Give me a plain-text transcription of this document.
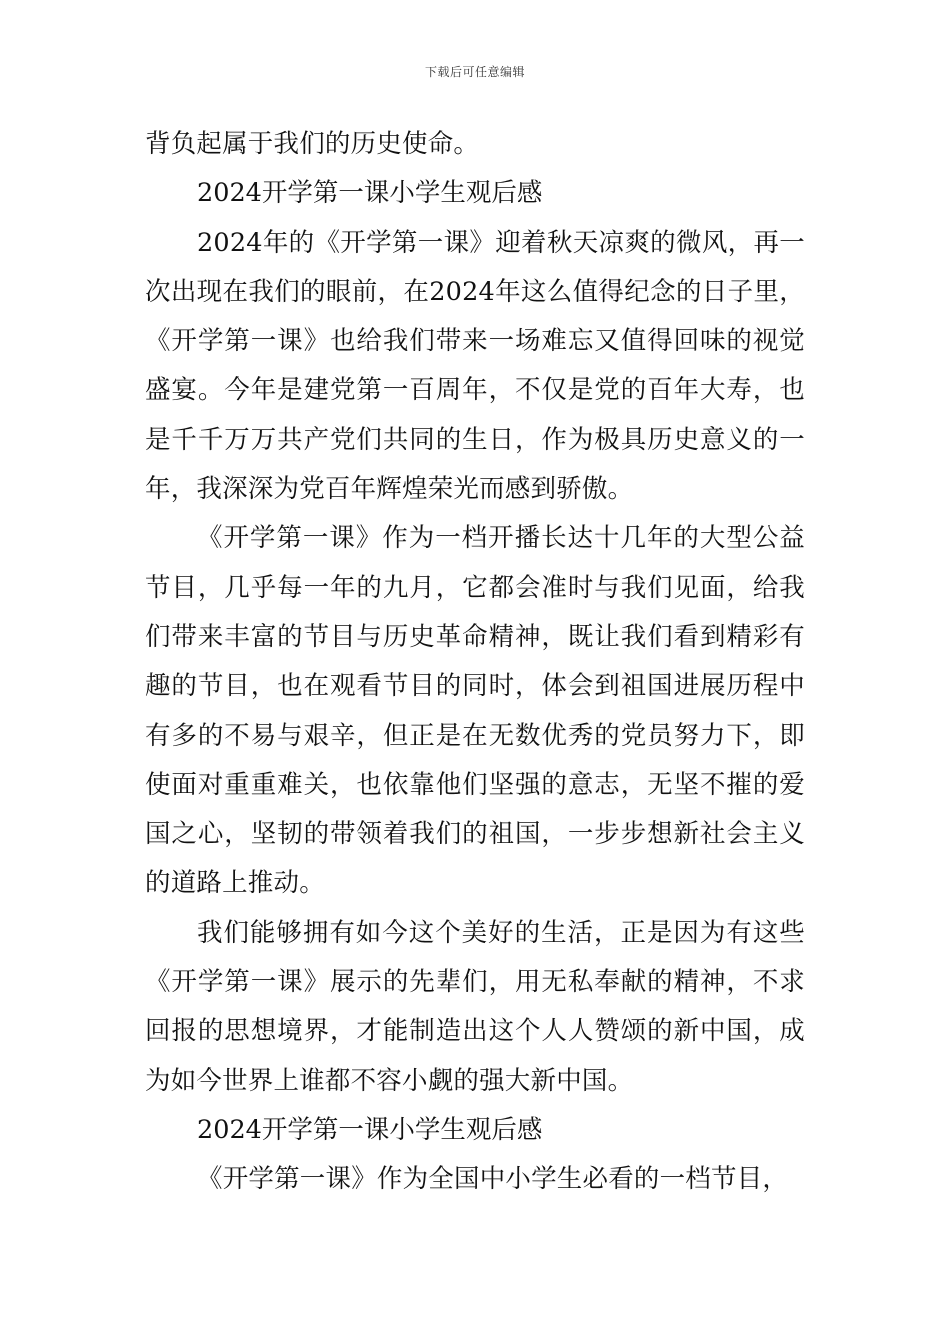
下载后可任意编辑

背负起属于我们的历史使命。

2024开学第一课小学生观后感

2024年的《开学第一课》迎着秋天凉爽的微风，再一次出现在我们的眼前，在2024年这么值得纪念的日子里，《开学第一课》也给我们带来一场难忘又值得回味的视觉盛宴。今年是建党第一百周年，不仅是党的百年大寿，也是千千万万共产党们共同的生日，作为极具历史意义的一年，我深深为党百年辉煌荣光而感到骄傲。

《开学第一课》作为一档开播长达十几年的大型公益节目，几乎每一年的九月，它都会准时与我们见面，给我们带来丰富的节目与历史革命精神，既让我们看到精彩有趣的节目，也在观看节目的同时，体会到祖国进展历程中有多的不易与艰辛，但正是在无数优秀的党员努力下，即使面对重重难关，也依靠他们坚强的意志，无坚不摧的爱国之心，坚韧的带领着我们的祖国，一步步想新社会主义的道路上推动。

我们能够拥有如今这个美好的生活，正是因为有这些《开学第一课》展示的先辈们，用无私奉献的精神，不求回报的思想境界，才能制造出这个人人赞颂的新中国，成为如今世界上谁都不容小觑的强大新中国。

2024开学第一课小学生观后感

《开学第一课》作为全国中小学生必看的一档节目，
